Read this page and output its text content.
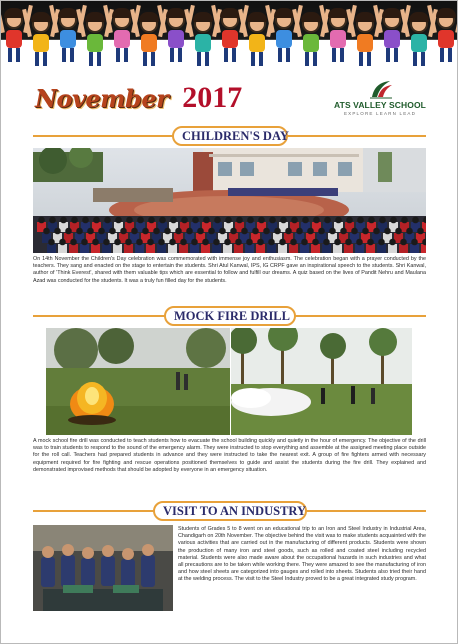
November 2017	ATS VALLEY SCHOOL
EXPLORE LEARN LEAD
CHILDREN'S DAY
On 14th November the Children's Day celebration was commemorated with immense joy and enthusiasm. The celebration began with a prayer conducted by the teachers. They sang and enacted on the stage to entertain the students. Shri Atul Kanwal, IPS, IG CRPF gave an inspirational speech to the students. Shri Kanwal, author of 'Think Everest', shared with them valuable tips which are essential to follow and fulfill our dreams. A quiz based on the lives of Pandit Nehru and Maulana Azad was conducted for the students. It was a truly fun filled day for the students.
MOCK FIRE DRILL
A mock school fire drill was conducted to teach students how to evacuate the school building quickly and quietly in the hour of emergency. The objective of the drill was to train students to respond to the sound of the emergency alarm. They were instructed to stop everything and assemble at the assigned meeting place outside for the roll call. Teachers had prepared students in advance and they were instructed to take the nearest exit. A group of fire fighters armed with necessary equipment required for fire fighting and rescue operations positioned themselves to guide and assist the students during the fire drill. They explained and demonstrated improvised methods that should be adopted by everyone in an emergency situation.
VISIT TO AN INDUSTRY
Students of Grades 5 to 8 went on an educational trip to an Iron and Steel Industry in Industrial Area, Chandigarh on 20th November. The objective behind the visit was to make students acquainted with the various activities that are carried out in the manufacturing of different products. Students were shown the production of many iron and steel goods, such as rolled and coated steel including recycled material. Students were also made aware about the occupational hazards in such industries and what all precautions are to be taken while working there. They were amazed to see the manufacturing of iron and how steel sheets are categorized into gauges and rolled into sheets. Students also tried their hand at the welding process. The visit to the Steel Industry proved to be a great integrated study program.
